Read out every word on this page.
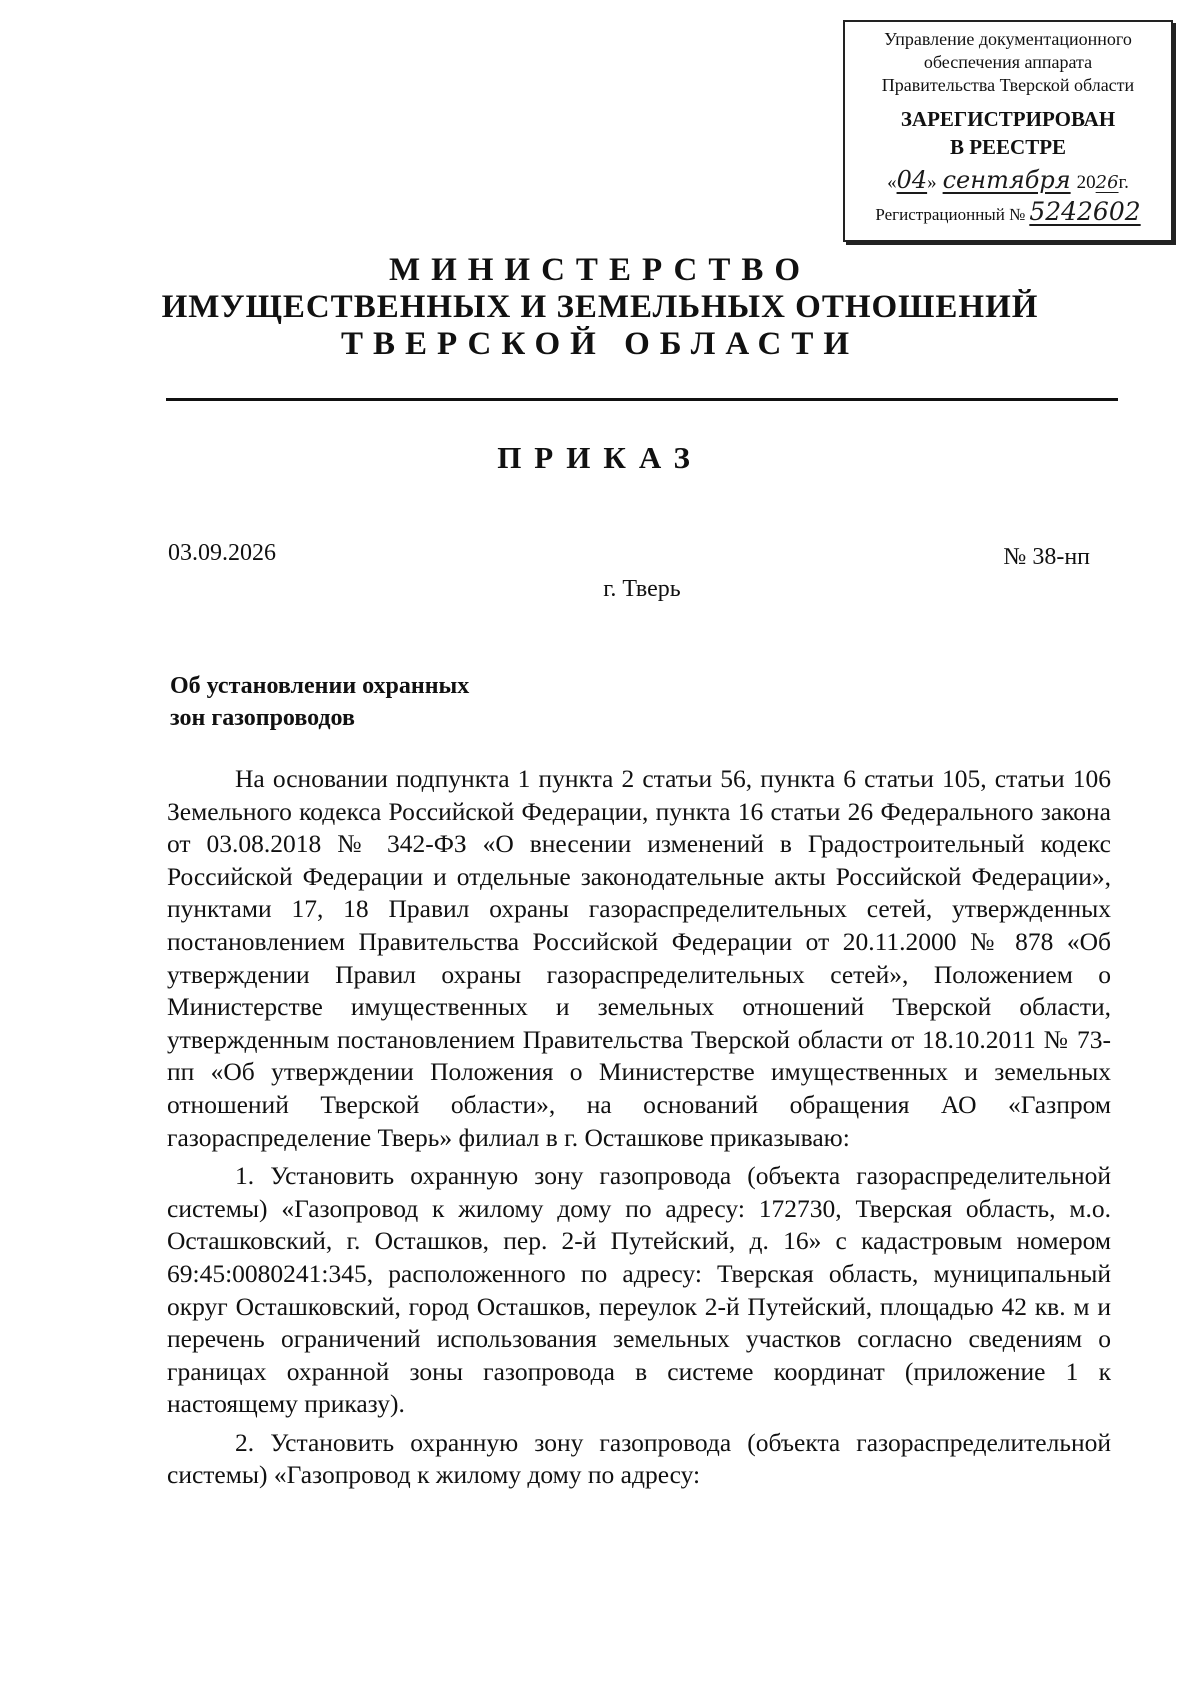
Управление документационного
обеспечения аппарата
Правительства Тверской области
ЗАРЕГИСТРИРОВАН
В РЕЕСТРЕ
« 04 » сентября 20 26 г.
Регистрационный № 5242602
МИНИСТЕРСТВО
ИМУЩЕСТВЕННЫХ И ЗЕМЕЛЬНЫХ ОТНОШЕНИЙ
ТВЕРСКОЙ ОБЛАСТИ
ПРИКАЗ
03.09.2026	№ 38-нп
г. Тверь
Об установлении охранных
зон газопроводов

На основании подпункта 1 пункта 2 статьи 56, пункта 6 статьи 105, статьи 106 Земельного кодекса Российской Федерации, пункта 16 статьи 26 Федерального закона от 03.08.2018 № 342-ФЗ «О внесении изменений в Градостроительный кодекс Российской Федерации и отдельные законодательные акты Российской Федерации», пунктами 17, 18 Правил охраны газораспределительных сетей, утвержденных постановлением Правительства Российской Федерации от 20.11.2000 № 878 «Об утверждении Правил охраны газораспределительных сетей», Положением о Министерстве имущественных и земельных отношений Тверской области, утвержденным постановлением Правительства Тверской области от 18.10.2011 № 73-пп «Об утверждении Положения о Министерстве имущественных и земельных отношений Тверской области», на оснований обращения АО «Газпром газораспределение Тверь» филиал в г. Осташкове приказываю:

1. Установить охранную зону газопровода (объекта газораспределительной системы) «Газопровод к жилому дому по адресу: 172730, Тверская область, м.о. Осташковский, г. Осташков, пер. 2-й Путейский, д. 16» с кадастровым номером 69:45:0080241:345, расположенного по адресу: Тверская область, муниципальный округ Осташковский, город Осташков, переулок 2-й Путейский, площадью 42 кв. м и перечень ограничений использования земельных участков согласно сведениям о границах охранной зоны газопровода в системе координат (приложение 1 к настоящему приказу).

2. Установить охранную зону газопровода (объекта газораспределительной системы) «Газопровод к жилому дому по адресу:
